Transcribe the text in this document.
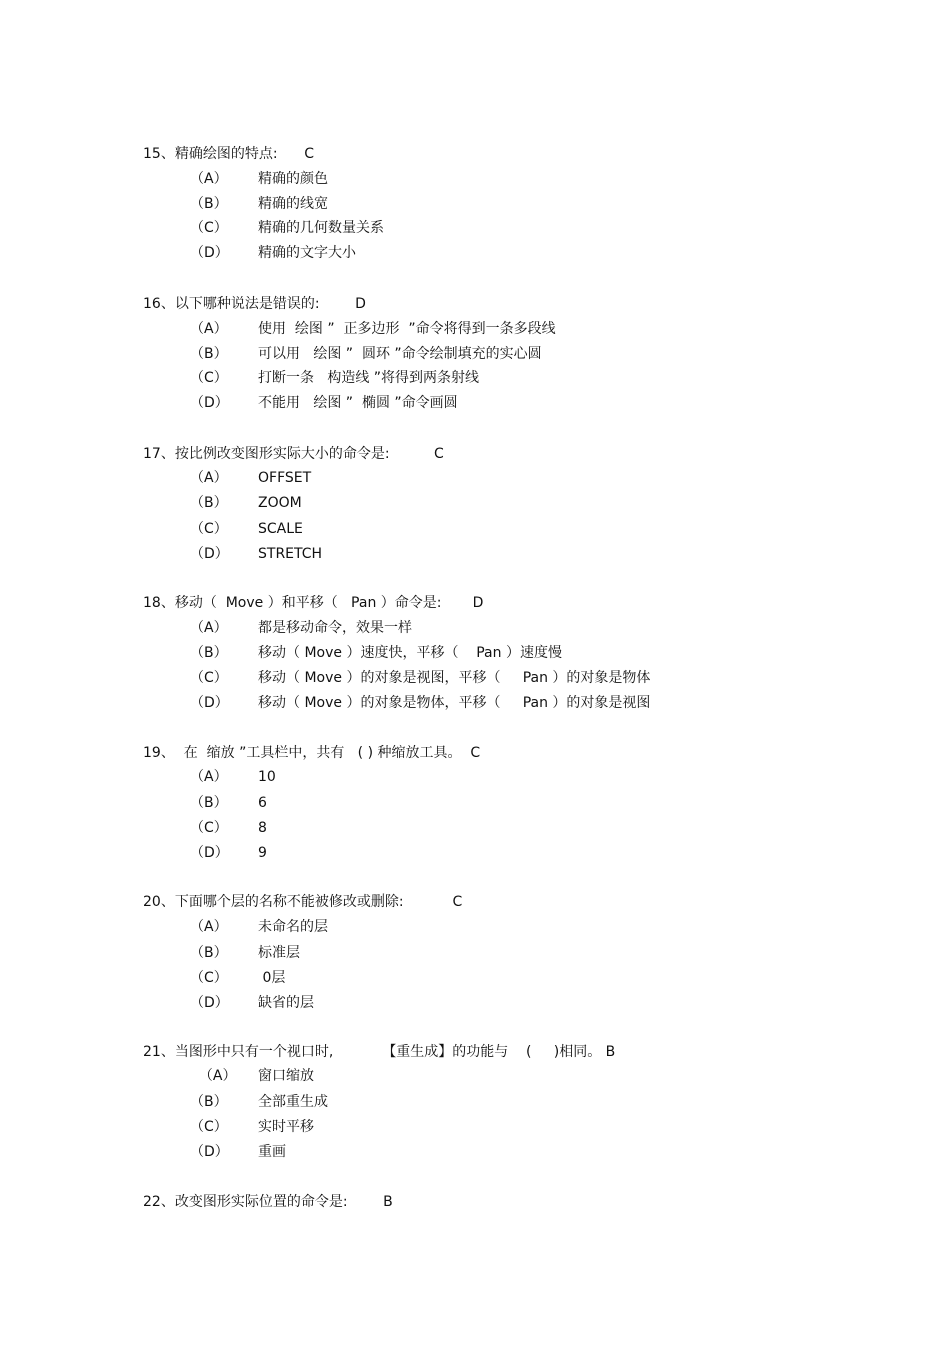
15、精确绘图的特点: C
（A） 精确的颜色
（B） 精确的线宽
（C） 精确的几何数量关系
（D） 精确的文字大小
16、以下哪种说法是错误的:	D
（A） 使用  绘图 ”  正多边形  ”命令将得到一条多段线
（B） 可以用   绘图 ”  圆环 ”命令绘制填充的实心圆
（C） 打断一条   构造线 ”将得到两条射线
（D） 不能用   绘图 ”  椭圆 ”命令画圆
17、按比例改变图形实际大小的命令是:	C
（A） OFFSET
（B） ZOOM
（C） SCALE
（D） STRETCH
18、移动（  Move ）和平移（   Pan ）命令是: D
（A） 都是移动命令，效果一样
（B） 移动（ Move ）速度快，平移（    Pan ）速度慢
（C） 移动（ Move ）的对象是视图，平移（     Pan ）的对象是物体
（D） 移动（ Move ）的对象是物体，平移（     Pan ）的对象是视图
19、  在  缩放 ”工具栏中，共有   ( ) 种缩放工具。 C
（A） 10
（B） 6
（C） 8
（D） 9
20、下面哪个层的名称不能被修改或删除:	C
（A） 未命名的层
（B） 标准层
（C） 0层
（D） 缺省的层
21、当图形中只有一个视口时,           【重生成】的功能与    (     )相同。 B
（A） 窗口缩放
（B） 全部重生成
（C） 实时平移
（D） 重画
22、改变图形实际位置的命令是:	B
